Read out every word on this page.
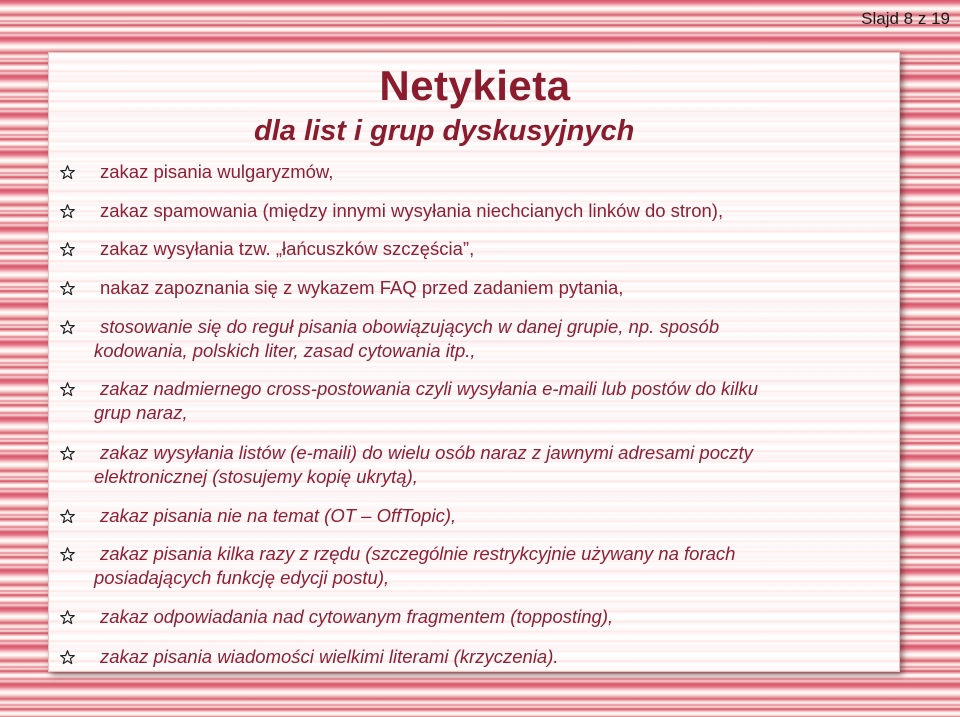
Slajd 8 z 19
Netykieta
dla list i grup dyskusyjnych
zakaz pisania wulgaryzmów,
zakaz spamowania (między innymi wysyłania niechcianych linków do stron),
zakaz wysyłania tzw. „łańcuszków szczęścia”,
nakaz zapoznania się z wykazem FAQ przed zadaniem pytania,
stosowanie się do reguł pisania obowiązujących w danej grupie, np. sposób
kodowania, polskich liter, zasad cytowania itp.,
zakaz nadmiernego cross-postowania czyli wysyłania e-maili lub postów do kilku
grup naraz,
zakaz wysyłania listów (e-maili) do wielu osób naraz z jawnymi adresami poczty
elektronicznej (stosujemy kopię ukrytą),
zakaz pisania nie na temat (OT – OffTopic),
zakaz pisania kilka razy z rzędu (szczególnie restrykcyjnie używany na forach
posiadających funkcję edycji postu),
zakaz odpowiadania nad cytowanym fragmentem (topposting),
zakaz pisania wiadomości wielkimi literami (krzyczenia).
